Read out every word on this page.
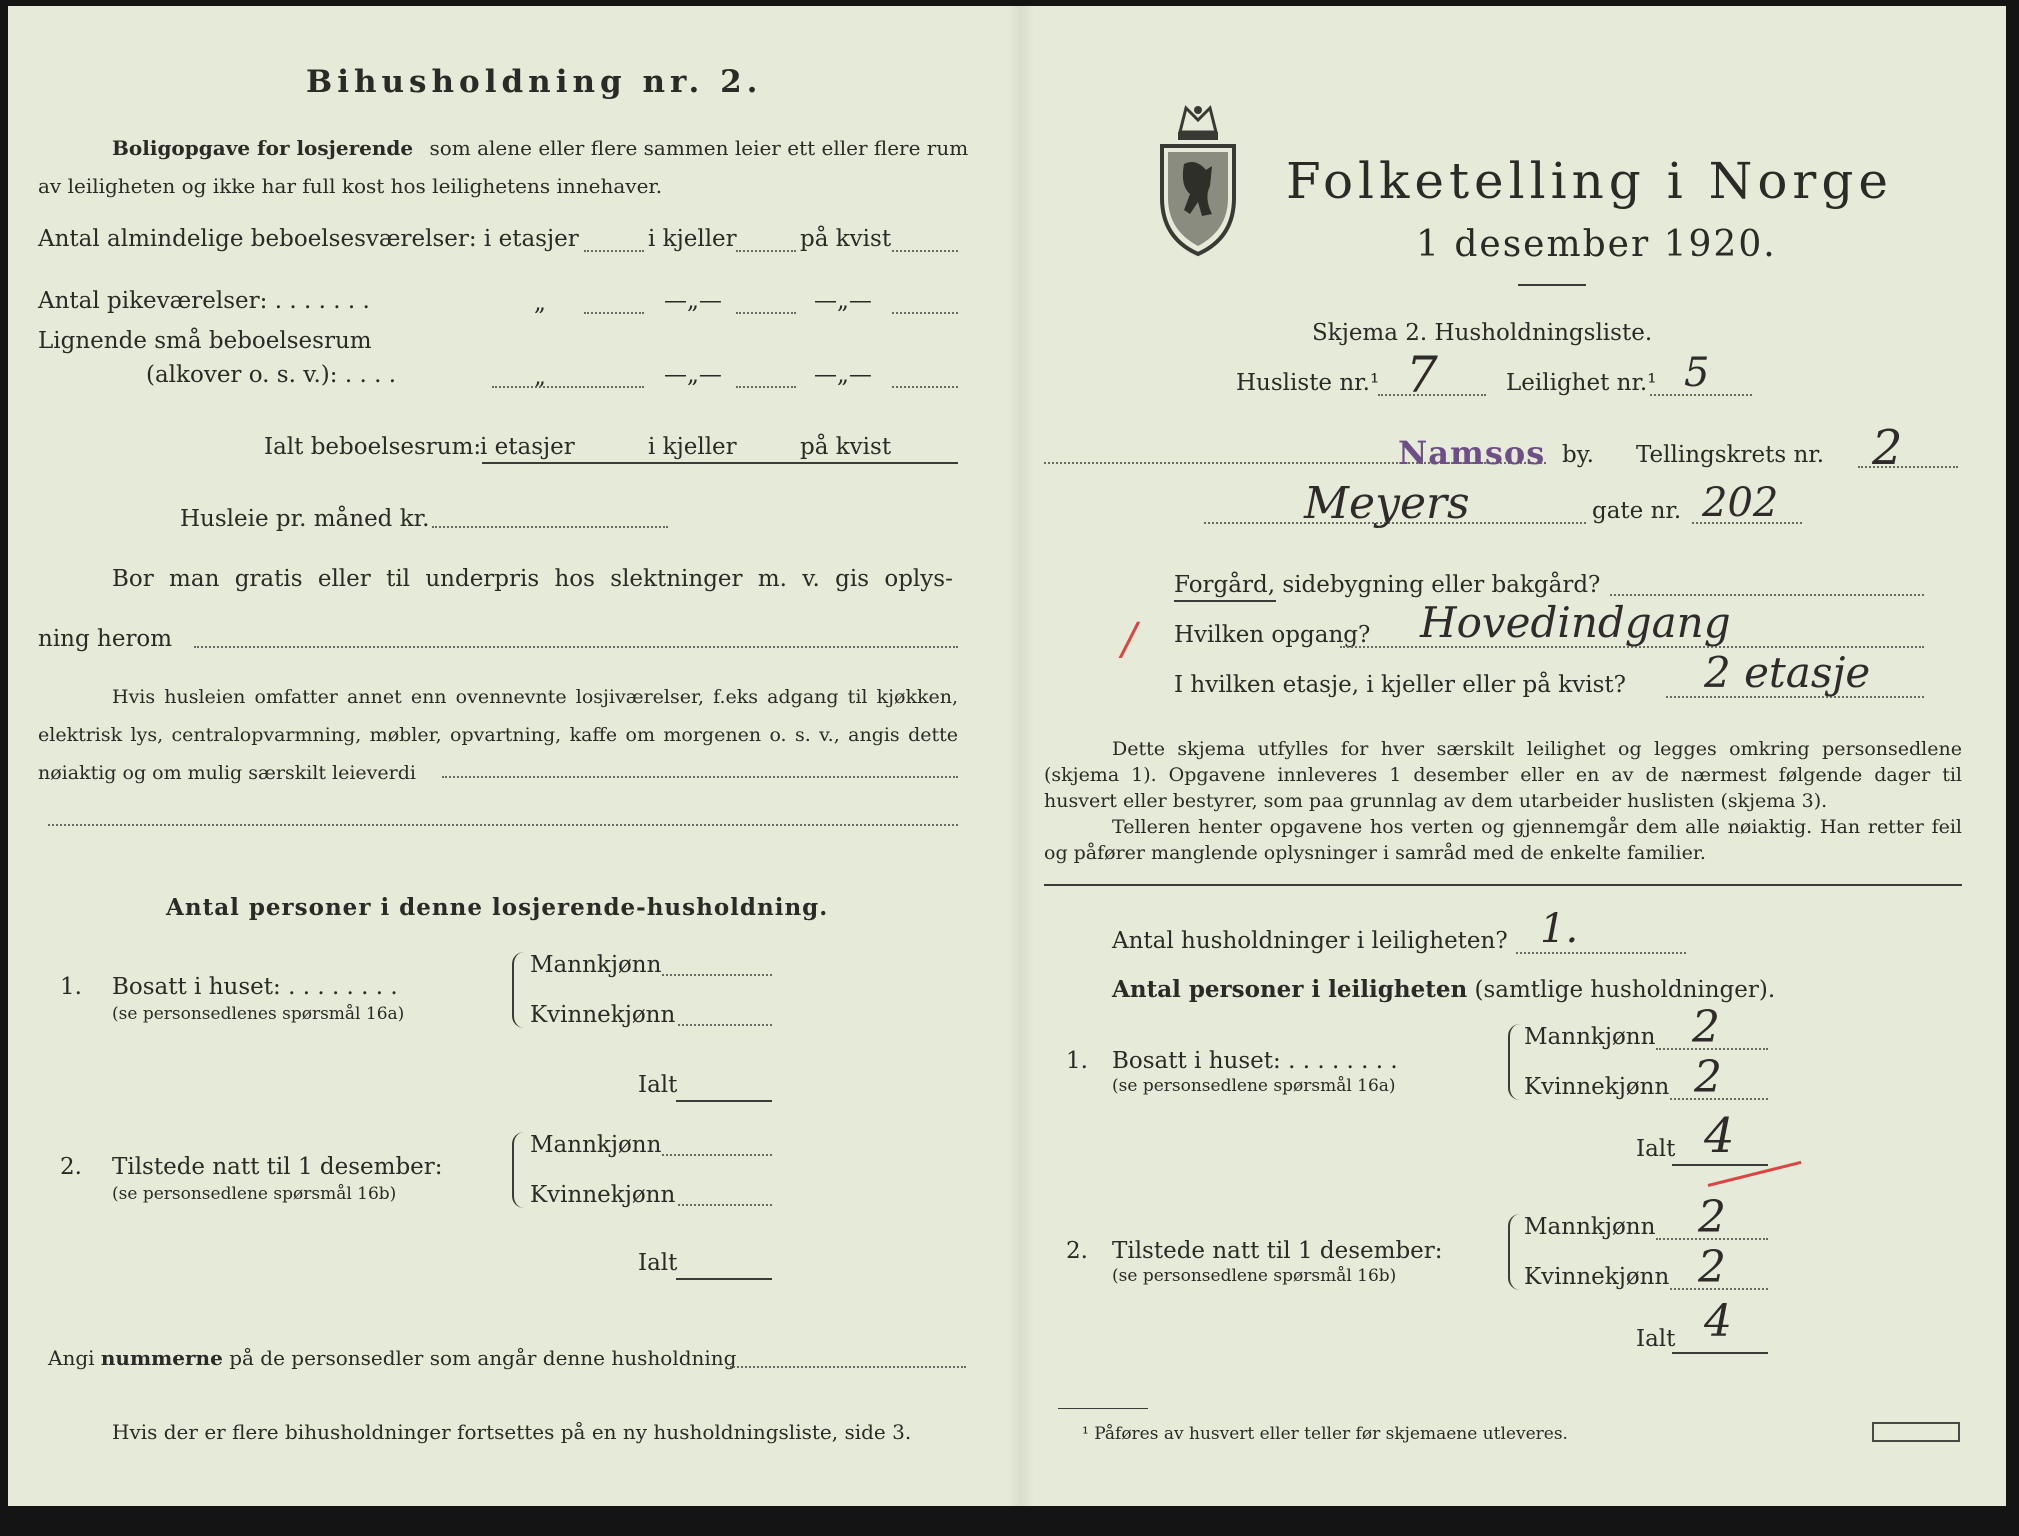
Bihusholdning nr. 2.
Boligopgave for losjerende som alene eller flere sammen leier ett eller flere rum
av leiligheten og ikke har full kost hos leilighetens innehaver.
Antal almindelige beboelsesværelser: i etasjer	i kjeller	på kvist
Antal pikeværelser: . . . . . . .	„	—„—	—„—
Lignende små beboelsesrum
(alkover o. s. v.): . . . .	„	—„—	—„—
Ialt beboelsesrum:
i etasjer	i kjeller	på kvist
Husleie pr. måned kr.
Bor man gratis eller til underpris hos slektninger m. v. gis oplys-
ning herom
Hvis husleien omfatter annet enn ovennevnte losjiværelser, f.eks adgang til kjøkken, elektrisk lys, centralopvarmning, møbler, opvartning, kaffe om morgenen o. s. v., angis dette nøiaktig og om mulig særskilt leieverdi
Antal personer i denne losjerende-husholdning.
1. Bosatt i huset: . . . . . . . .
(se personsedlenes spørsmål 16a)
Mannkjønn
Kvinnekjønn
Ialt
2. Tilstede natt til 1 desember:
(se personsedlene spørsmål 16b)
Mannkjønn
Kvinnekjønn
Ialt
Angi nummerne på de personsedler som angår denne husholdning
Hvis der er flere bihusholdninger fortsettes på en ny husholdningsliste, side 3.
Folketelling i Norge
1 desember 1920.
Skjema 2. Husholdningsliste.
Husliste nr.¹ 7	Leilighet nr.¹ 5
Namsos by. Tellingskrets nr. 2
Meyers	gate nr. 202
Forgård, sidebygning eller bakgård?
/ Hvilken opgang? Hovedindgang
I hvilken etasje, i kjeller eller på kvist? 2 etasje
Dette skjema utfylles for hver særskilt leilighet og legges omkring personsedlene (skjema 1). Opgavene innleveres 1 desember eller en av de nærmest følgende dager til husvert eller bestyrer, som paa grunnlag av dem utarbeider huslisten (skjema 3).
Telleren henter opgavene hos verten og gjennemgår dem alle nøiaktig. Han retter feil og påfører manglende oplysninger i samråd med de enkelte familier.
Antal husholdninger i leiligheten? 1.
Antal personer i leiligheten (samtlige husholdninger).
1. Bosatt i huset: . . . . . . . .
(se personsedlene spørsmål 16a)
Mannkjønn 2
Kvinnekjønn 2
Ialt 4
2. Tilstede natt til 1 desember:
(se personsedlene spørsmål 16b)
Mannkjønn 2
Kvinnekjønn 2
Ialt 4
¹ Påføres av husvert eller teller før skjemaene utleveres.
